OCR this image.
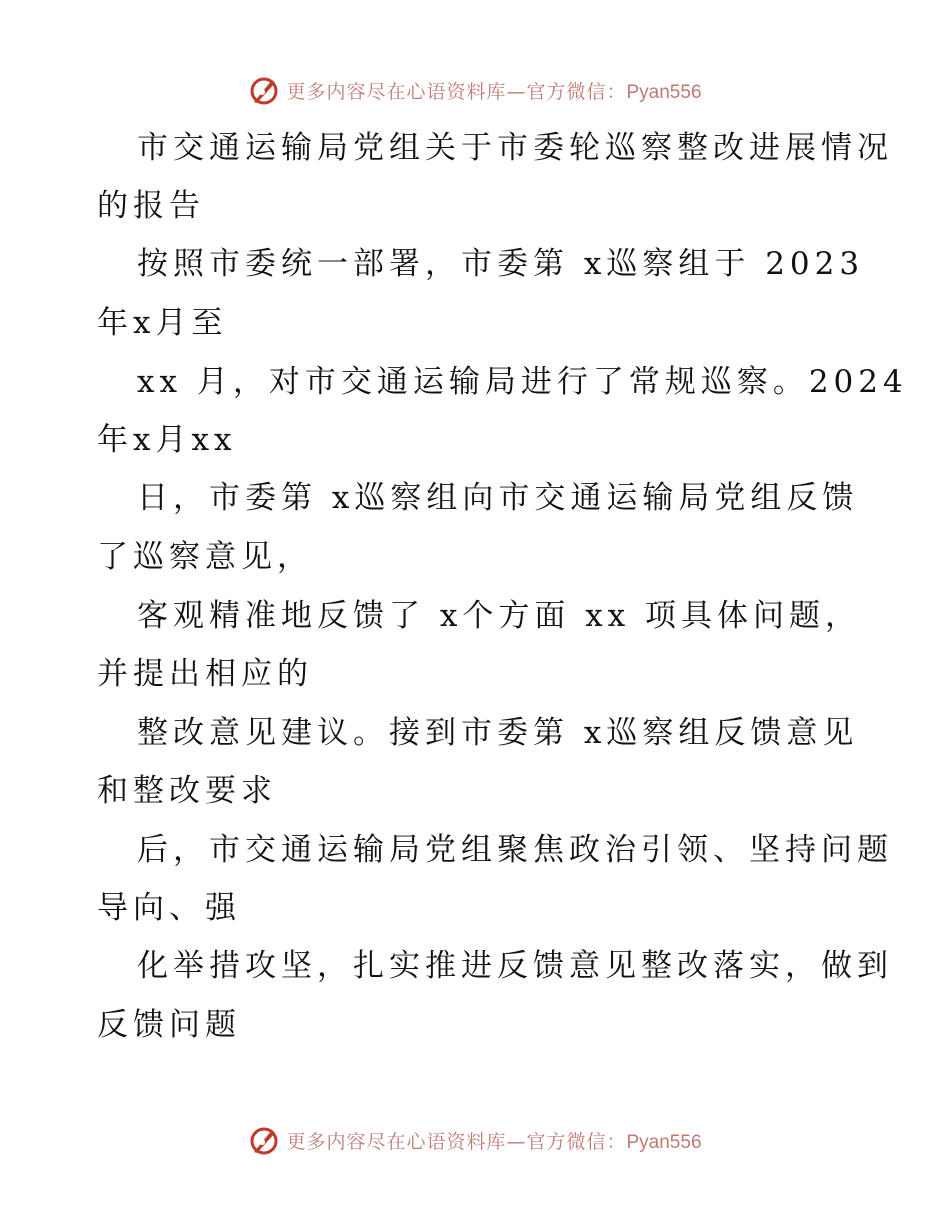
更多内容尽在心语资料库—官方微信：Pyan556
市交通运输局党组关于市委轮巡察整改进展情况
的报告
按照市委统一部署，市委第 x巡察组于 2023
年x月至
xx 月，对市交通运输局进行了常规巡察。2024
年x月xx
日，市委第 x巡察组向市交通运输局党组反馈
了巡察意见，
客观精准地反馈了 x个方面 xx 项具体问题，
并提出相应的
整改意见建议。接到市委第 x巡察组反馈意见
和整改要求
后，市交通运输局党组聚焦政治引领、坚持问题
导向、强
化举措攻坚，扎实推进反馈意见整改落实，做到
反馈问题
更多内容尽在心语资料库—官方微信：Pyan556
